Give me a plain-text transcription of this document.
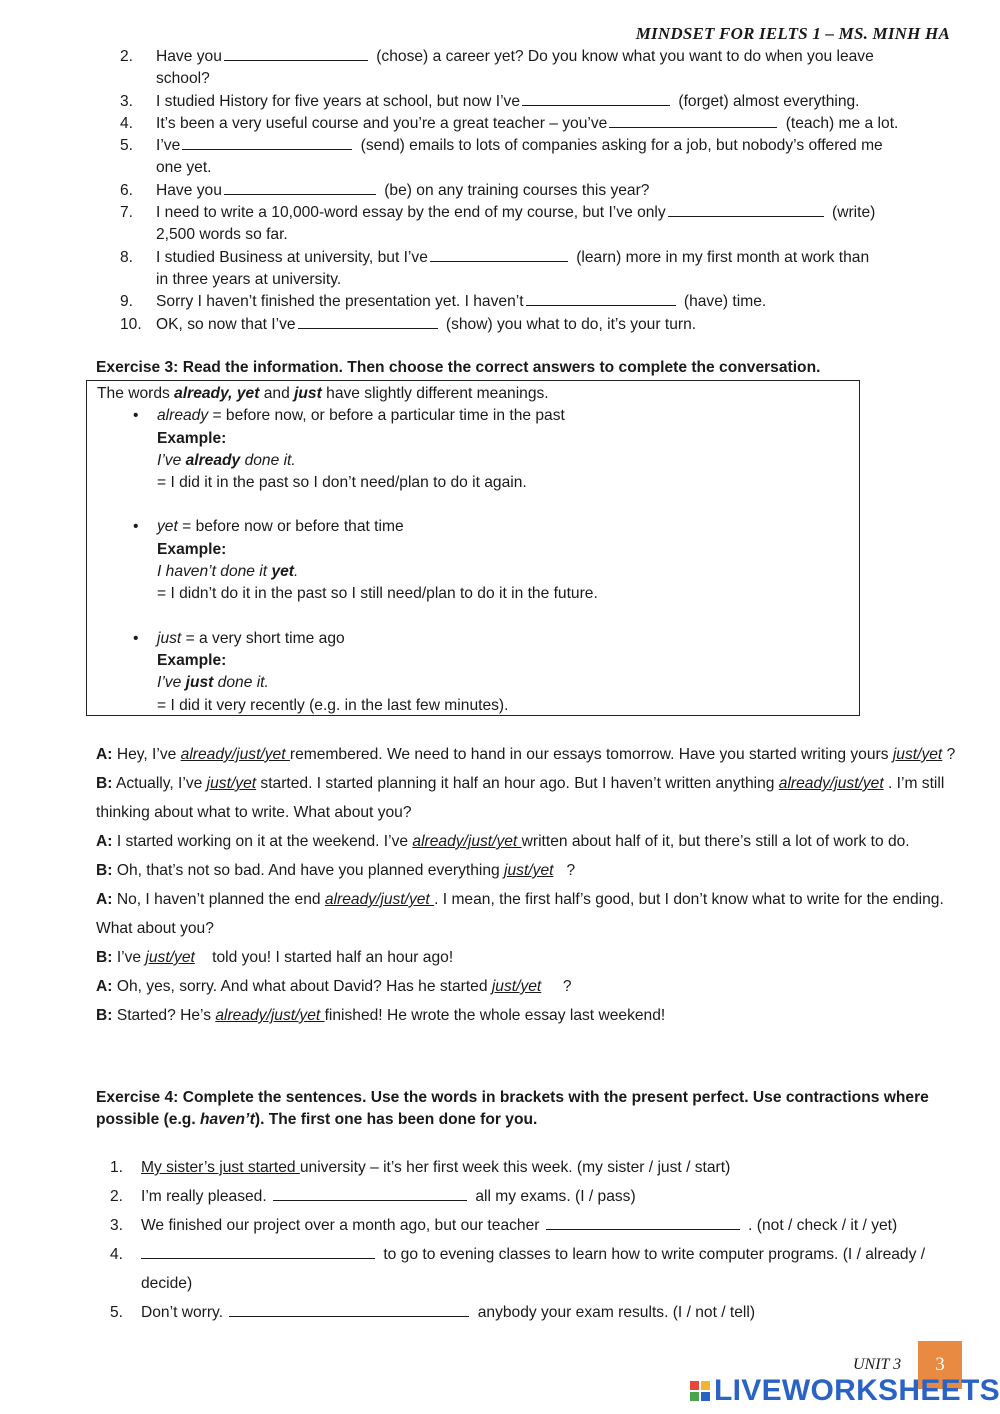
MINDSET FOR IELTS 1 – MS. MINH HA
2.	Have you	(chose) a career yet? Do you know what you want to do when you leave
school?
3.	I studied History for five years at school, but now I’ve	(forget) almost everything.
4.	It’s been a very useful course and you’re a great teacher – you’ve	(teach) me a lot.
5.	I’ve	(send) emails to lots of companies asking for a job, but nobody’s offered me
one yet.
6.	Have you	(be) on any training courses this year?
7.	I need to write a 10,000-word essay by the end of my course, but I’ve only	(write)
2,500 words so far.
8.	I studied Business at university, but I’ve	(learn) more in my first month at work than
in three years at university.
9.	Sorry I haven’t finished the presentation yet. I haven’t	(have) time.
10. OK, so now that I’ve	(show) you what to do, it’s your turn.
Exercise 3: Read the information. Then choose the correct answers to complete the conversation.
The words already, yet and just have slightly different meanings.
• already = before now, or before a particular time in the past
Example:
I’ve already done it.
= I did it in the past so I don’t need/plan to do it again.
• yet = before now or before that time
Example:
I haven’t done it yet.
= I didn’t do it in the past so I still need/plan to do it in the future.
• just = a very short time ago
Example:
I’ve just done it.
= I did it very recently (e.g. in the last few minutes).
A: Hey, I’ve already/just/yet remembered. We need to hand in our essays tomorrow. Have you started writing yours just/yet ?
B: Actually, I’ve just/yet started. I started planning it half an hour ago. But I haven’t written anything already/just/yet . I’m still thinking about what to write. What about you?
A: I started working on it at the weekend. I’ve already/just/yet written about half of it, but there’s still a lot of work to do.
B: Oh, that’s not so bad. And have you planned everything just/yet   ?
A: No, I haven’t planned the end already/just/yet . I mean, the first half’s good, but I don’t know what to write for the ending. What about you?
B: I’ve just/yet    told you! I started half an hour ago!
A: Oh, yes, sorry. And what about David? Has he started just/yet     ?
B: Started? He’s already/just/yet finished! He wrote the whole essay last weekend!
Exercise 4: Complete the sentences. Use the words in brackets with the present perfect. Use contractions where possible (e.g. haven’t). The first one has been done for you.
1.	My sister’s just started university – it’s her first week this week. (my sister / just / start)
2.	I’m really pleased.	all my exams. (I / pass)
3.	We finished our project over a month ago, but our teacher	. (not / check / it / yet)
4.	to go to evening classes to learn how to write computer programs. (I / already / decide)
5.	Don’t worry.	anybody your exam results. (I / not / tell)
UNIT 3	3
LIVEWORKSHEETS
